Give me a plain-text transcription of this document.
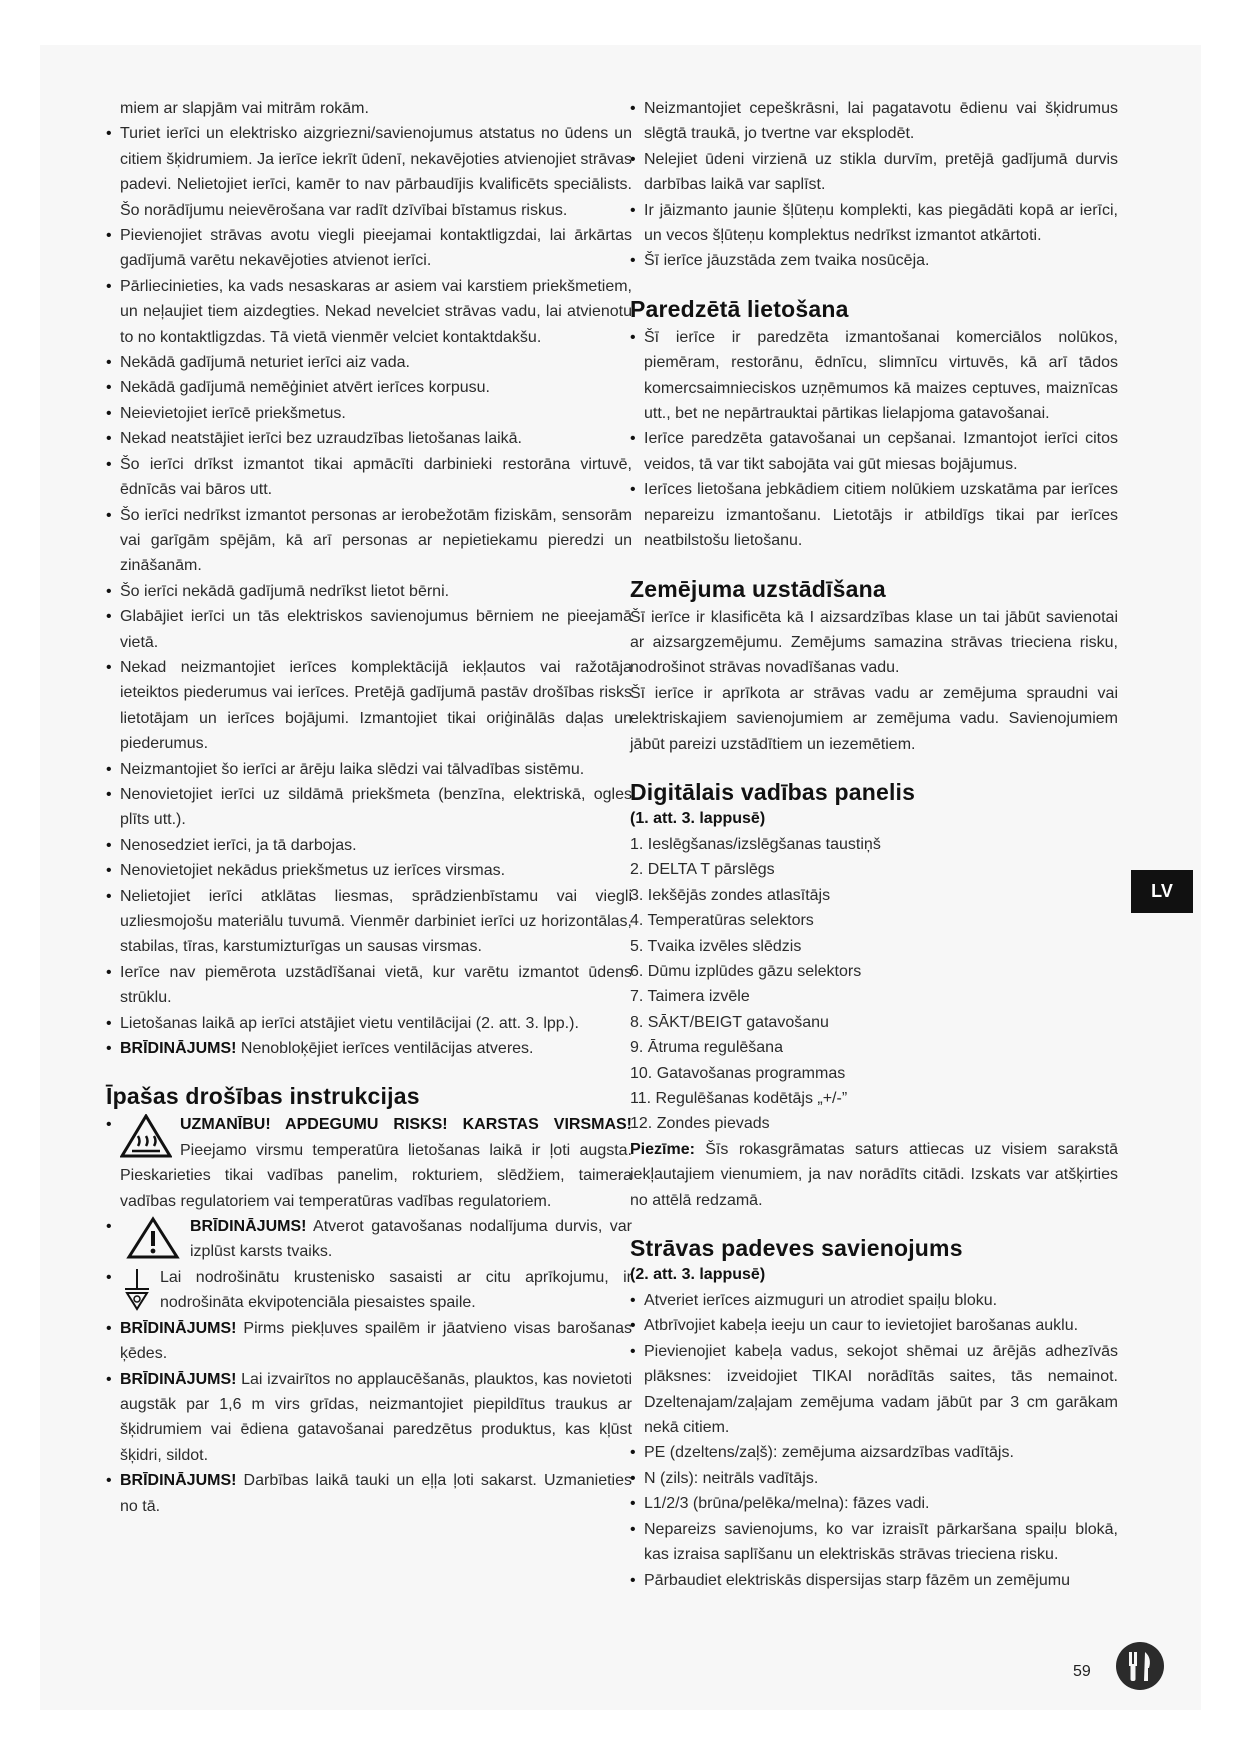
miem ar slapjām vai mitrām rokām.
• Turiet ierīci un elektrisko aizgriezni/savienojumus atstatus no ūdens un citiem šķidrumiem. Ja ierīce iekrīt ūdenī, nekavējoties atvienojiet strāvas padevi. Nelietojiet ierīci, kamēr to nav pārbaudījis kvalificēts speciālists. Šo norādījumu neievērošana var radīt dzīvībai bīstamus riskus.
• Pievienojiet strāvas avotu viegli pieejamai kontaktligzdai, lai ārkārtas gadījumā varētu nekavējoties atvienot ierīci.
• Pārliecinieties, ka vads nesaskaras ar asiem vai karstiem priekšmetiem, un neļaujiet tiem aizdegties. Nekad nevelciet strāvas vadu, lai atvienotu to no kontaktligzdas. Tā vietā vienmēr velciet kontaktdakšu.
• Nekādā gadījumā neturiet ierīci aiz vada.
• Nekādā gadījumā nemēģiniet atvērt ierīces korpusu.
• Neievietojiet ierīcē priekšmetus.
• Nekad neatstājiet ierīci bez uzraudzības lietošanas laikā.
• Šo ierīci drīkst izmantot tikai apmācīti darbinieki restorāna virtuvē, ēdnīcās vai bāros utt.
• Šo ierīci nedrīkst izmantot personas ar ierobežotām fiziskām, sensorām vai garīgām spējām, kā arī personas ar nepietiekamu pieredzi un zināšanām.
• Šo ierīci nekādā gadījumā nedrīkst lietot bērni.
• Glabājiet ierīci un tās elektriskos savienojumus bērniem ne pieejamā vietā.
• Nekad neizmantojiet ierīces komplektācijā iekļautos vai ražotāja ieteiktos piederumus vai ierīces. Pretējā gadījumā pastāv drošības risks lietotājam un ierīces bojājumi. Izmantojiet tikai oriģinālās daļas un piederumus.
• Neizmantojiet šo ierīci ar ārēju laika slēdzi vai tālvadības sistēmu.
• Nenovietojiet ierīci uz sildāmā priekšmeta (benzīna, elektriskā, ogles plīts utt.).
• Nenosedziet ierīci, ja tā darbojas.
• Nenovietojiet nekādus priekšmetus uz ierīces virsmas.
• Nelietojiet ierīci atklātas liesmas, sprādzienbīstamu vai viegli uzliesmojošu materiālu tuvumā. Vienmēr darbiniet ierīci uz horizontālas, stabilas, tīras, karstumizturīgas un sausas virsmas.
• Ierīce nav piemērota uzstādīšanai vietā, kur varētu izmantot ūdens strūklu.
• Lietošanas laikā ap ierīci atstājiet vietu ventilācijai (2. att. 3. lpp.).
• BRĪDINĀJUMS! Nenobloķējiet ierīces ventilācijas atveres.
Īpašas drošības instrukcijas
• UZMANĪBU! APDEGUMU RISKS! KARSTAS VIRSMAS! Pieejamo virsmu temperatūra lietošanas laikā ir ļoti augsta. Pieskarieties tikai vadības panelim, rokturiem, slēdžiem, taimera vadības regulatoriem vai temperatūras vadības regulatoriem.
• BRĪDINĀJUMS! Atverot gatavošanas nodalījuma durvis, var izplūst karsts tvaiks.
• Lai nodrošinātu krustenisko sasaisti ar citu aprīkojumu, ir nodrošināta ekvipotenciāla piesaistes spaile.
• BRĪDINĀJUMS! Pirms piekļuves spailēm ir jāatvieno visas barošanas ķēdes.
• BRĪDINĀJUMS! Lai izvairītos no applaucēšanās, plauktos, kas novietoti augstāk par 1,6 m virs grīdas, neizmantojiet piepildītus traukus ar šķidrumiem vai ēdiena gatavošanai paredzētus produktus, kas kļūst šķidri, sildot.
• BRĪDINĀJUMS! Darbības laikā tauki un eļļa ļoti sakarst. Uzmanieties no tā.
• Neizmantojiet cepeškrāsni, lai pagatavotu ēdienu vai šķidrumus slēgtā traukā, jo tvertne var eksplodēt.
• Nelejiet ūdeni virzienā uz stikla durvīm, pretējā gadījumā durvis darbības laikā var saplīst.
• Ir jāizmanto jaunie šļūteņu komplekti, kas piegādāti kopā ar ierīci, un vecos šļūteņu komplektus nedrīkst izmantot atkārtoti.
• Šī ierīce jāuzstāda zem tvaika nosūcēja.
Paredzētā lietošana
• Šī ierīce ir paredzēta izmantošanai komerciālos nolūkos, piemēram, restorānu, ēdnīcu, slimnīcu virtuvēs, kā arī tādos komercsaimnieciskos uzņēmumos kā maizes ceptuves, maiznīcas utt., bet ne nepārtrauktai pārtikas lielapjoma gatavošanai.
• Ierīce paredzēta gatavošanai un cepšanai. Izmantojot ierīci citos veidos, tā var tikt sabojāta vai gūt miesas bojājumus.
• Ierīces lietošana jebkādiem citiem nolūkiem uzskatāma par ierīces nepareizu izmantošanu. Lietotājs ir atbildīgs tikai par ierīces neatbilstošu lietošanu.
Zemējuma uzstādīšana

Šī ierīce ir klasificēta kā I aizsardzības klase un tai jābūt savienotai ar aizsargzemējumu. Zemējums samazina strāvas trieciena risku, nodrošinot strāvas novadīšanas vadu.

Šī ierīce ir aprīkota ar strāvas vadu ar zemējuma spraudni vai elektriskajiem savienojumiem ar zemējuma vadu. Savienojumiem jābūt pareizi uzstādītiem un iezemētiem.

Digitālais vadības panelis
(1. att. 3. lappusē)
1. Ieslēgšanas/izslēgšanas taustiņš
2. DELTA T pārslēgs
3. Iekšējās zondes atlasītājs
4. Temperatūras selektors
5. Tvaika izvēles slēdzis
6. Dūmu izplūdes gāzu selektors
7. Taimera izvēle
8. SĀKT/BEIGT gatavošanu
9. Ātruma regulēšana
10. Gatavošanas programmas
11. Regulēšanas kodētājs „+/-”
12. Zondes pievads

Piezīme: Šīs rokasgrāmatas saturs attiecas uz visiem sarakstā iekļautajiem vienumiem, ja nav norādīts citādi. Izskats var atšķirties no attēlā redzamā.

Strāvas padeves savienojums
(2. att. 3. lappusē)
• Atveriet ierīces aizmuguri un atrodiet spaiļu bloku.
• Atbrīvojiet kabeļa ieeju un caur to ievietojiet barošanas auklu.
• Pievienojiet kabeļa vadus, sekojot shēmai uz ārējās adhezīvās plāksnes: izveidojiet TIKAI norādītās saites, tās nemainot. Dzeltenajam/zaļajam zemējuma vadam jābūt par 3 cm garākam nekā citiem.
• PE (dzeltens/zaļš): zemējuma aizsardzības vadītājs.
• N (zils): neitrāls vadītājs.
• L1/2/3 (brūna/pelēka/melna): fāzes vadi.
• Nepareizs savienojums, ko var izraisīt pārkaršana spaiļu blokā, kas izraisa saplīšanu un elektriskās strāvas trieciena risku.
• Pārbaudiet elektriskās dispersijas starp fāzēm un zemējumu
LV
59
